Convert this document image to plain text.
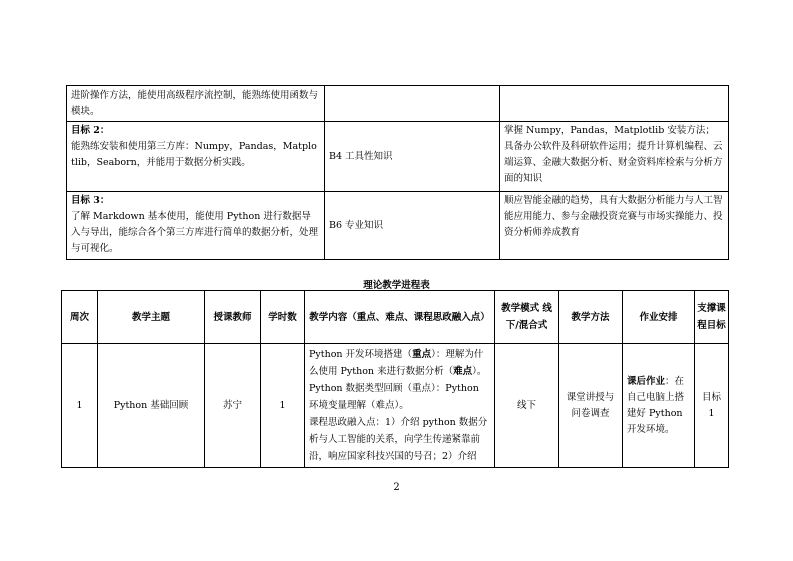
进阶操作方法，能使用高级程序流控制，能熟练使用函数与模块。		

目标 2：
能熟练安装和使用第三方库：Numpy，Pandas，Matplotlib，Seaborn，并能用于数据分析实践。	B4 工具性知识	掌握 Numpy，Pandas，Matplotlib 安装方法；具备办公软件及科研软件运用；提升计算机编程、云端运算、金融大数据分析、财金资料库检索与分析方面的知识

目标 3：
了解 Markdown 基本使用，能使用 Python 进行数据导入与导出，能综合各个第三方库进行简单的数据分析，处理与可视化。	B6 专业知识	顺应智能金融的趋势，具有大数据分析能力与人工智能应用能力、参与金融投资竞赛与市场实操能力、投资分析师养成教育
理论教学进程表
周次	教学主题	授课教师	学时数	教学内容（重点、难点、课程思政融入点）	教学模式 线下/混合式	教学方法	作业安排	支撑课程目标
1	Python 基础回顾	苏宁	1	Python 开发环境搭建（重点）：理解为什么使用 Python 来进行数据分析（难点）。Python 数据类型回顾（重点）：Python 环境变量理解（难点）。
课程思政融入点：1）介绍 python 数据分析与人工智能的关系，向学生传递紧靠前沿，响应国家科技兴国的号召；2）介绍	线下	课堂讲授与问卷调查	课后作业：在自己电脑上搭建好 Python 开发环境。	目标 1
2
